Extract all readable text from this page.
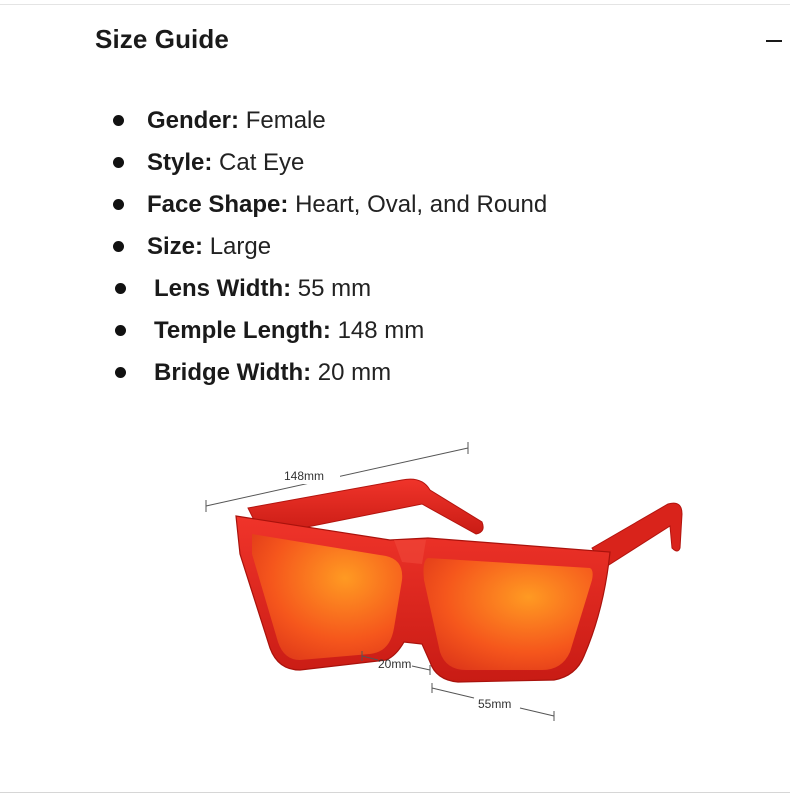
Size Guide
Gender: Female
Style: Cat Eye
Face Shape: Heart, Oval, and Round
Size: Large
Lens Width: 55 mm
Temple Length: 148 mm
Bridge Width: 20 mm
148mm
20mm
55mm
